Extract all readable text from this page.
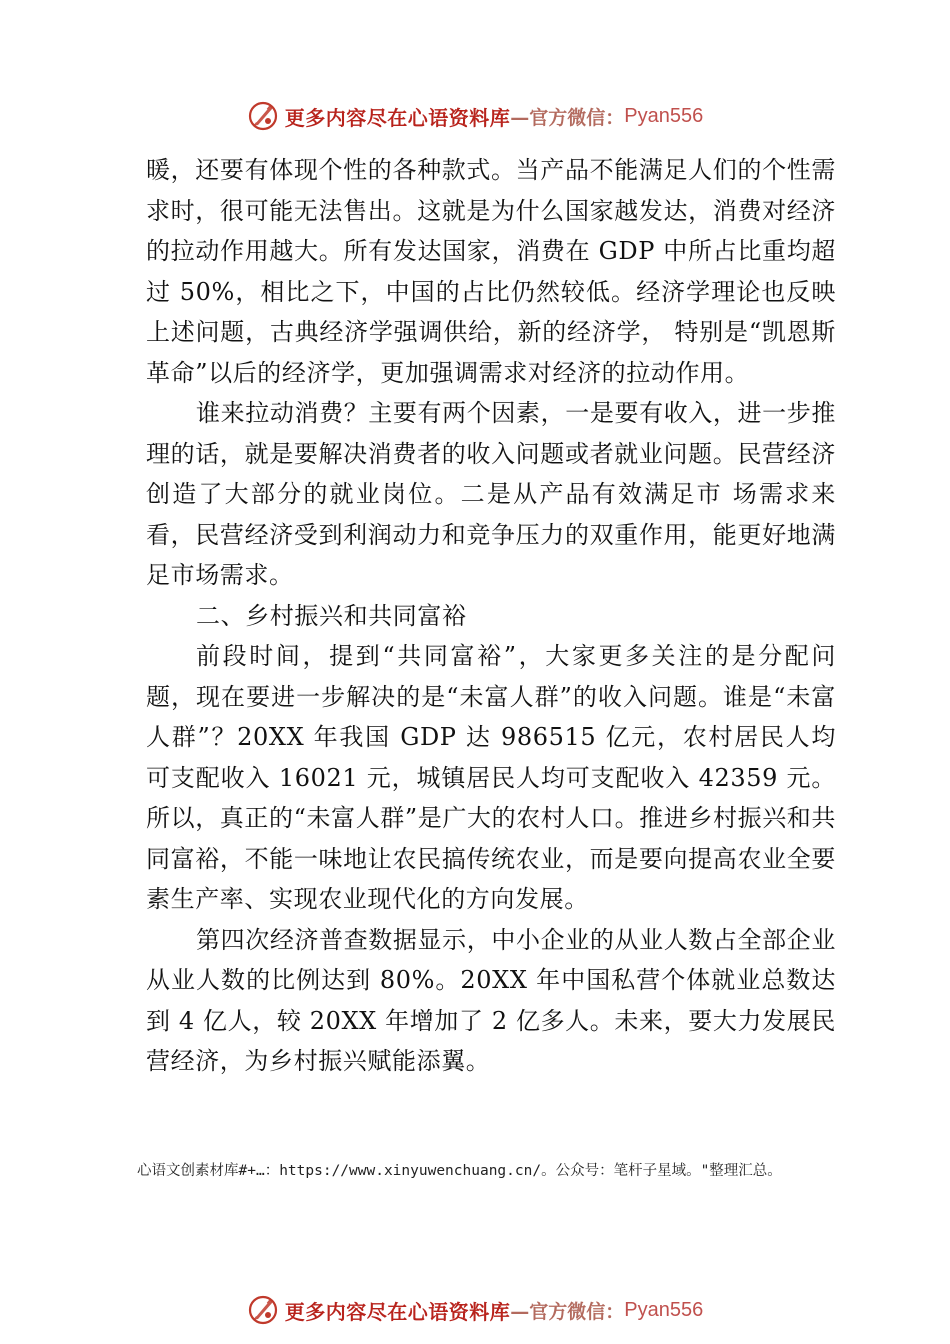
更多内容尽在心语资料库 —官方微信： Pyan556

暖，还要有体现个性的各种款式。当产品不能满足人们的个性需求时，很可能无法售出。这就是为什么国家越发达，消费对经济的拉动作用越大。所有发达国家，消费在 GDP 中所占比重均超过 50%，相比之下，中国的占比仍然较低。经济学理论也反映上述问题，古典经济学强调供给，新的经济学， 特别是“凯恩斯革命”以后的经济学，更加强调需求对经济的拉动作用。

谁来拉动消费？主要有两个因素，一是要有收入，进一步推理的话，就是要解决消费者的收入问题或者就业问题。民营经济创造了大部分的就业岗位。二是从产品有效满足市 场需求来看，民营经济受到利润动力和竞争压力的双重作用，能更好地满足市场需求。

二、乡村振兴和共同富裕

前段时间，提到“共同富裕”，大家更多关注的是分配问题，现在要进一步解决的是“未富人群”的收入问题。谁是“未富人群”？20XX 年我国 GDP 达 986515 亿元，农村居民人均可支配收入 16021 元，城镇居民人均可支配收入 42359 元。所以，真正的“未富人群”是广大的农村人口。推进乡村振兴和共同富裕，不能一味地让农民搞传统农业，而是要向提高农业全要素生产率、实现农业现代化的方向发展。

第四次经济普查数据显示，中小企业的从业人数占全部企业从业人数的比例达到 80%。20XX 年中国私营个体就业总数达到 4 亿人，较 20XX 年增加了 2 亿多人。未来，要大力发展民营经济，为乡村振兴赋能添翼。

心语文创素材库#+…：https://www.xinyuwenchuang.cn/。公众号：笔杆子星域。"整理汇总。
更多内容尽在心语资料库 —官方微信： Pyan556
